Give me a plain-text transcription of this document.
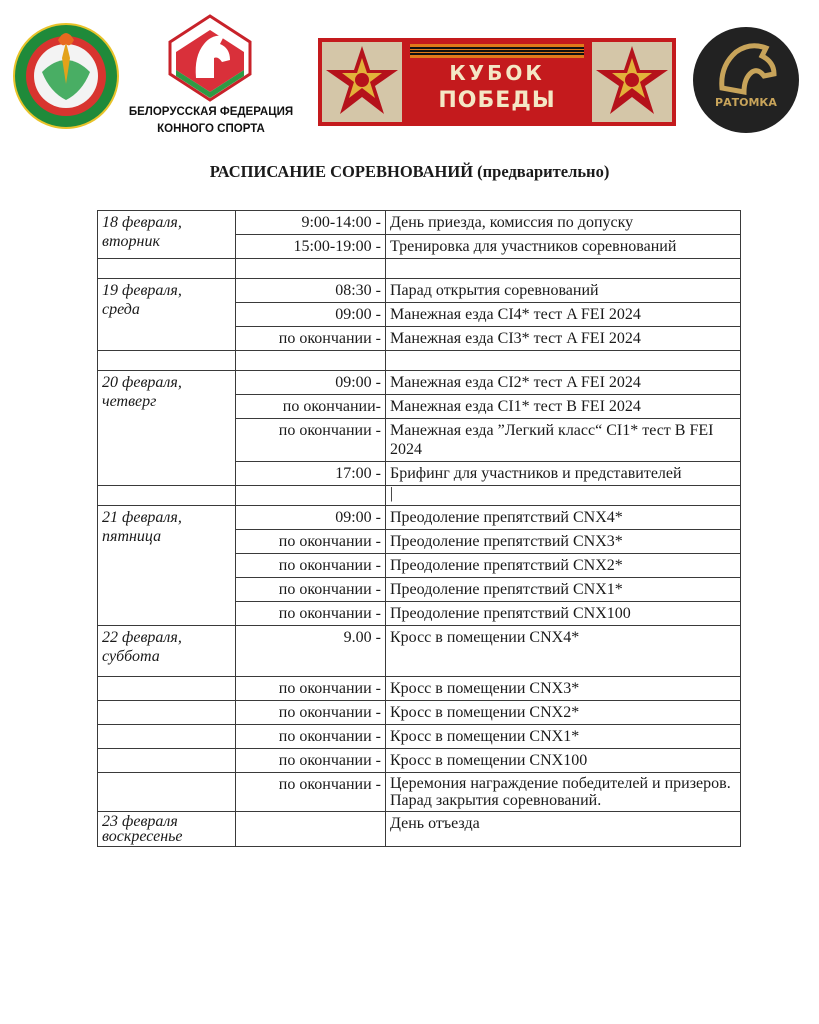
БЕЛОРУССКАЯ ФЕДЕРАЦИЯ
КОННОГО СПОРТА
КУБОК
ПОБЕДЫ	РАТОМКА
РАСПИСАНИЕ СОРЕВНОВАНИЙ (предварительно)
18 февраля,
вторник	9:00-14:00 -	День приезда, комиссия по допуску
	15:00-19:00 -	Тренировка для участников соревнований

19 февраля,
среда	08:30 -	Парад открытия соревнований
	09:00 -	Манежная езда CI4* тест A FEI 2024
	по окончании -	Манежная езда CI3* тест A FEI 2024

20 февраля,
четверг	09:00 -	Манежная езда CI2* тест A FEI 2024
	по окончании-	Манежная езда CI1* тест B FEI 2024
	по окончании -	Манежная езда ”Легкий класс“ CI1* тест B FEI 2024
	17:00 -	Брифинг для участников и представителей
		|

21 февраля,
пятница	09:00 -	Преодоление препятствий CNX4*
	по окончании -	Преодоление препятствий CNX3*
	по окончании -	Преодоление препятствий CNX2*
	по окончании -	Преодоление препятствий CNX1*
	по окончании -	Преодоление препятствий CNX100

22 февраля,
суббота	9.00 -	Кросс в помещении CNX4*
	по окончании -	Кросс в помещении CNX3*
	по окончании -	Кросс в помещении CNX2*
	по окончании -	Кросс в помещении CNX1*
	по окончании -	Кросс в помещении CNX100
	по окончании -	Церемония награждение победителей и призеров. Парад закрытия соревнований.

23 февраля
воскресенье		День отъезда
